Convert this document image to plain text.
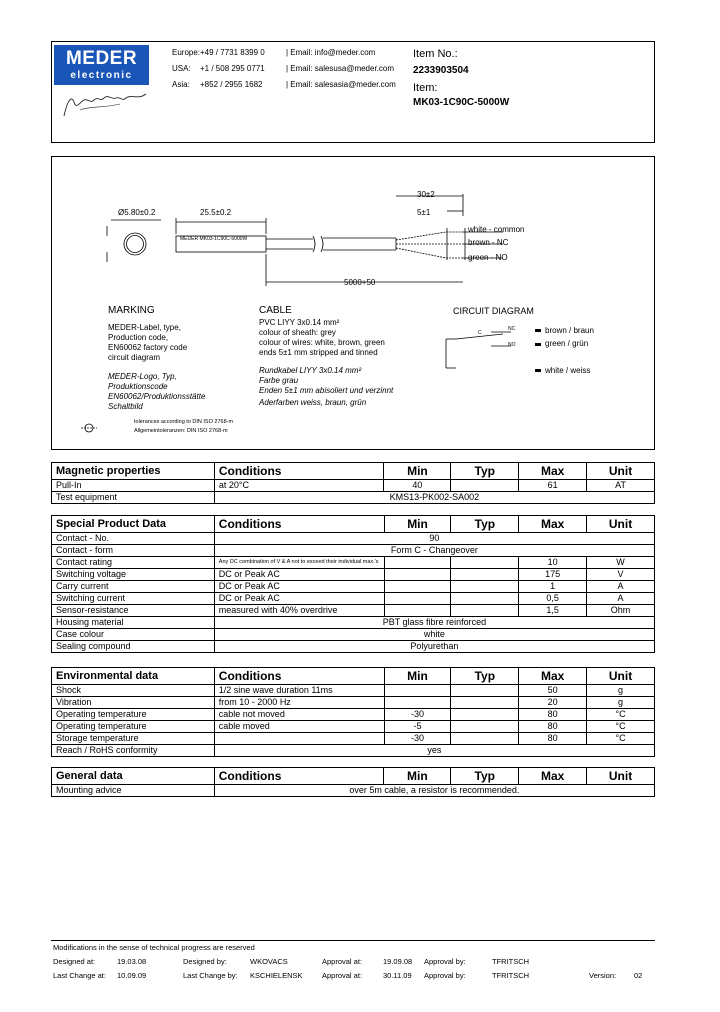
MEDER
electronic
Europe: +49 / 7731 8399 0	| Email: info@meder.com
USA: +1 / 508 295 0771	| Email: salesusa@meder.com
Asia: +852 / 2955 1682	| Email: salesasia@meder.com
Item No.:
2233903504
Item:
MK03-1C90C-5000W
Ø5.80±0.2	25.5±0.2
MEDER MK03-1C90C-5000W
30±2
5±1
white - common
brown - NC
green - NO
5000+50
MARKING
MEDER-Label, type,
Production code,
EN60062 factory code
circuit diagram
MEDER-Logo, Typ,
Produktionscode
EN60062/Produktionsstätte
Schaltbild
CABLE
PVC LIYY 3x0.14 mm²
colour of sheath: grey
colour of wires: white, brown, green
ends 5±1 mm stripped and tinned
Rundkabel LIYY 3x0.14 mm²
Farbe grau
Enden 5±1 mm abisoliert und verzinnt
Aderfarben weiss, braun, grün
CIRCUIT DIAGRAM
C
NC
NO
brown / braun
green / grün
white / weiss
tolerances according to DIN ISO 2768-m
Allgemeintoleranzen: DIN ISO 2768-m
Magnetic properties	Conditions	Min	Typ	Max	Unit
Pull-In	at 20°C	40		61	AT
Test equipment	KMS13-PK002-SA002				
Special Product Data	Conditions	Min	Typ	Max	Unit
Contact - No.	90				
Contact - form	Form C - Changeover				
Contact rating	Any DC combination of V & A not to exceed their individual max.'s			10	W
Switching voltage	DC or Peak AC			175	V
Carry current	DC or Peak AC			1	A
Switching current	DC or Peak AC			0,5	A
Sensor-resistance	measured with 40% overdrive			1,5	Ohm
Housing material	PBT glass fibre reinforced				
Case colour	white				
Sealing compound	Polyurethan				
Environmental data	Conditions	Min	Typ	Max	Unit
Shock	1/2 sine wave duration 11ms			50	g
Vibration	from 10 - 2000 Hz			20	g
Operating temperature	cable not moved	-30		80	°C
Operating temperature	cable moved	-5		80	°C
Storage temperature		-30		80	°C
Reach / RoHS conformity	yes				
General data	Conditions	Min	Typ	Max	Unit
Mounting advice	over 5m cable, a resistor is recommended.				
Modifications in the sense of technical progress are reserved
Designed at:	19.03.08	Designed by:	WKOVACS	Approval at:	19.09.08 Approval by:	TFRITSCH
Last Change at: 10.09.09	Last Change by: KSCHIELENSK	Approval at:	30.11.09 Approval by:	TFRITSCH	Version: 02
